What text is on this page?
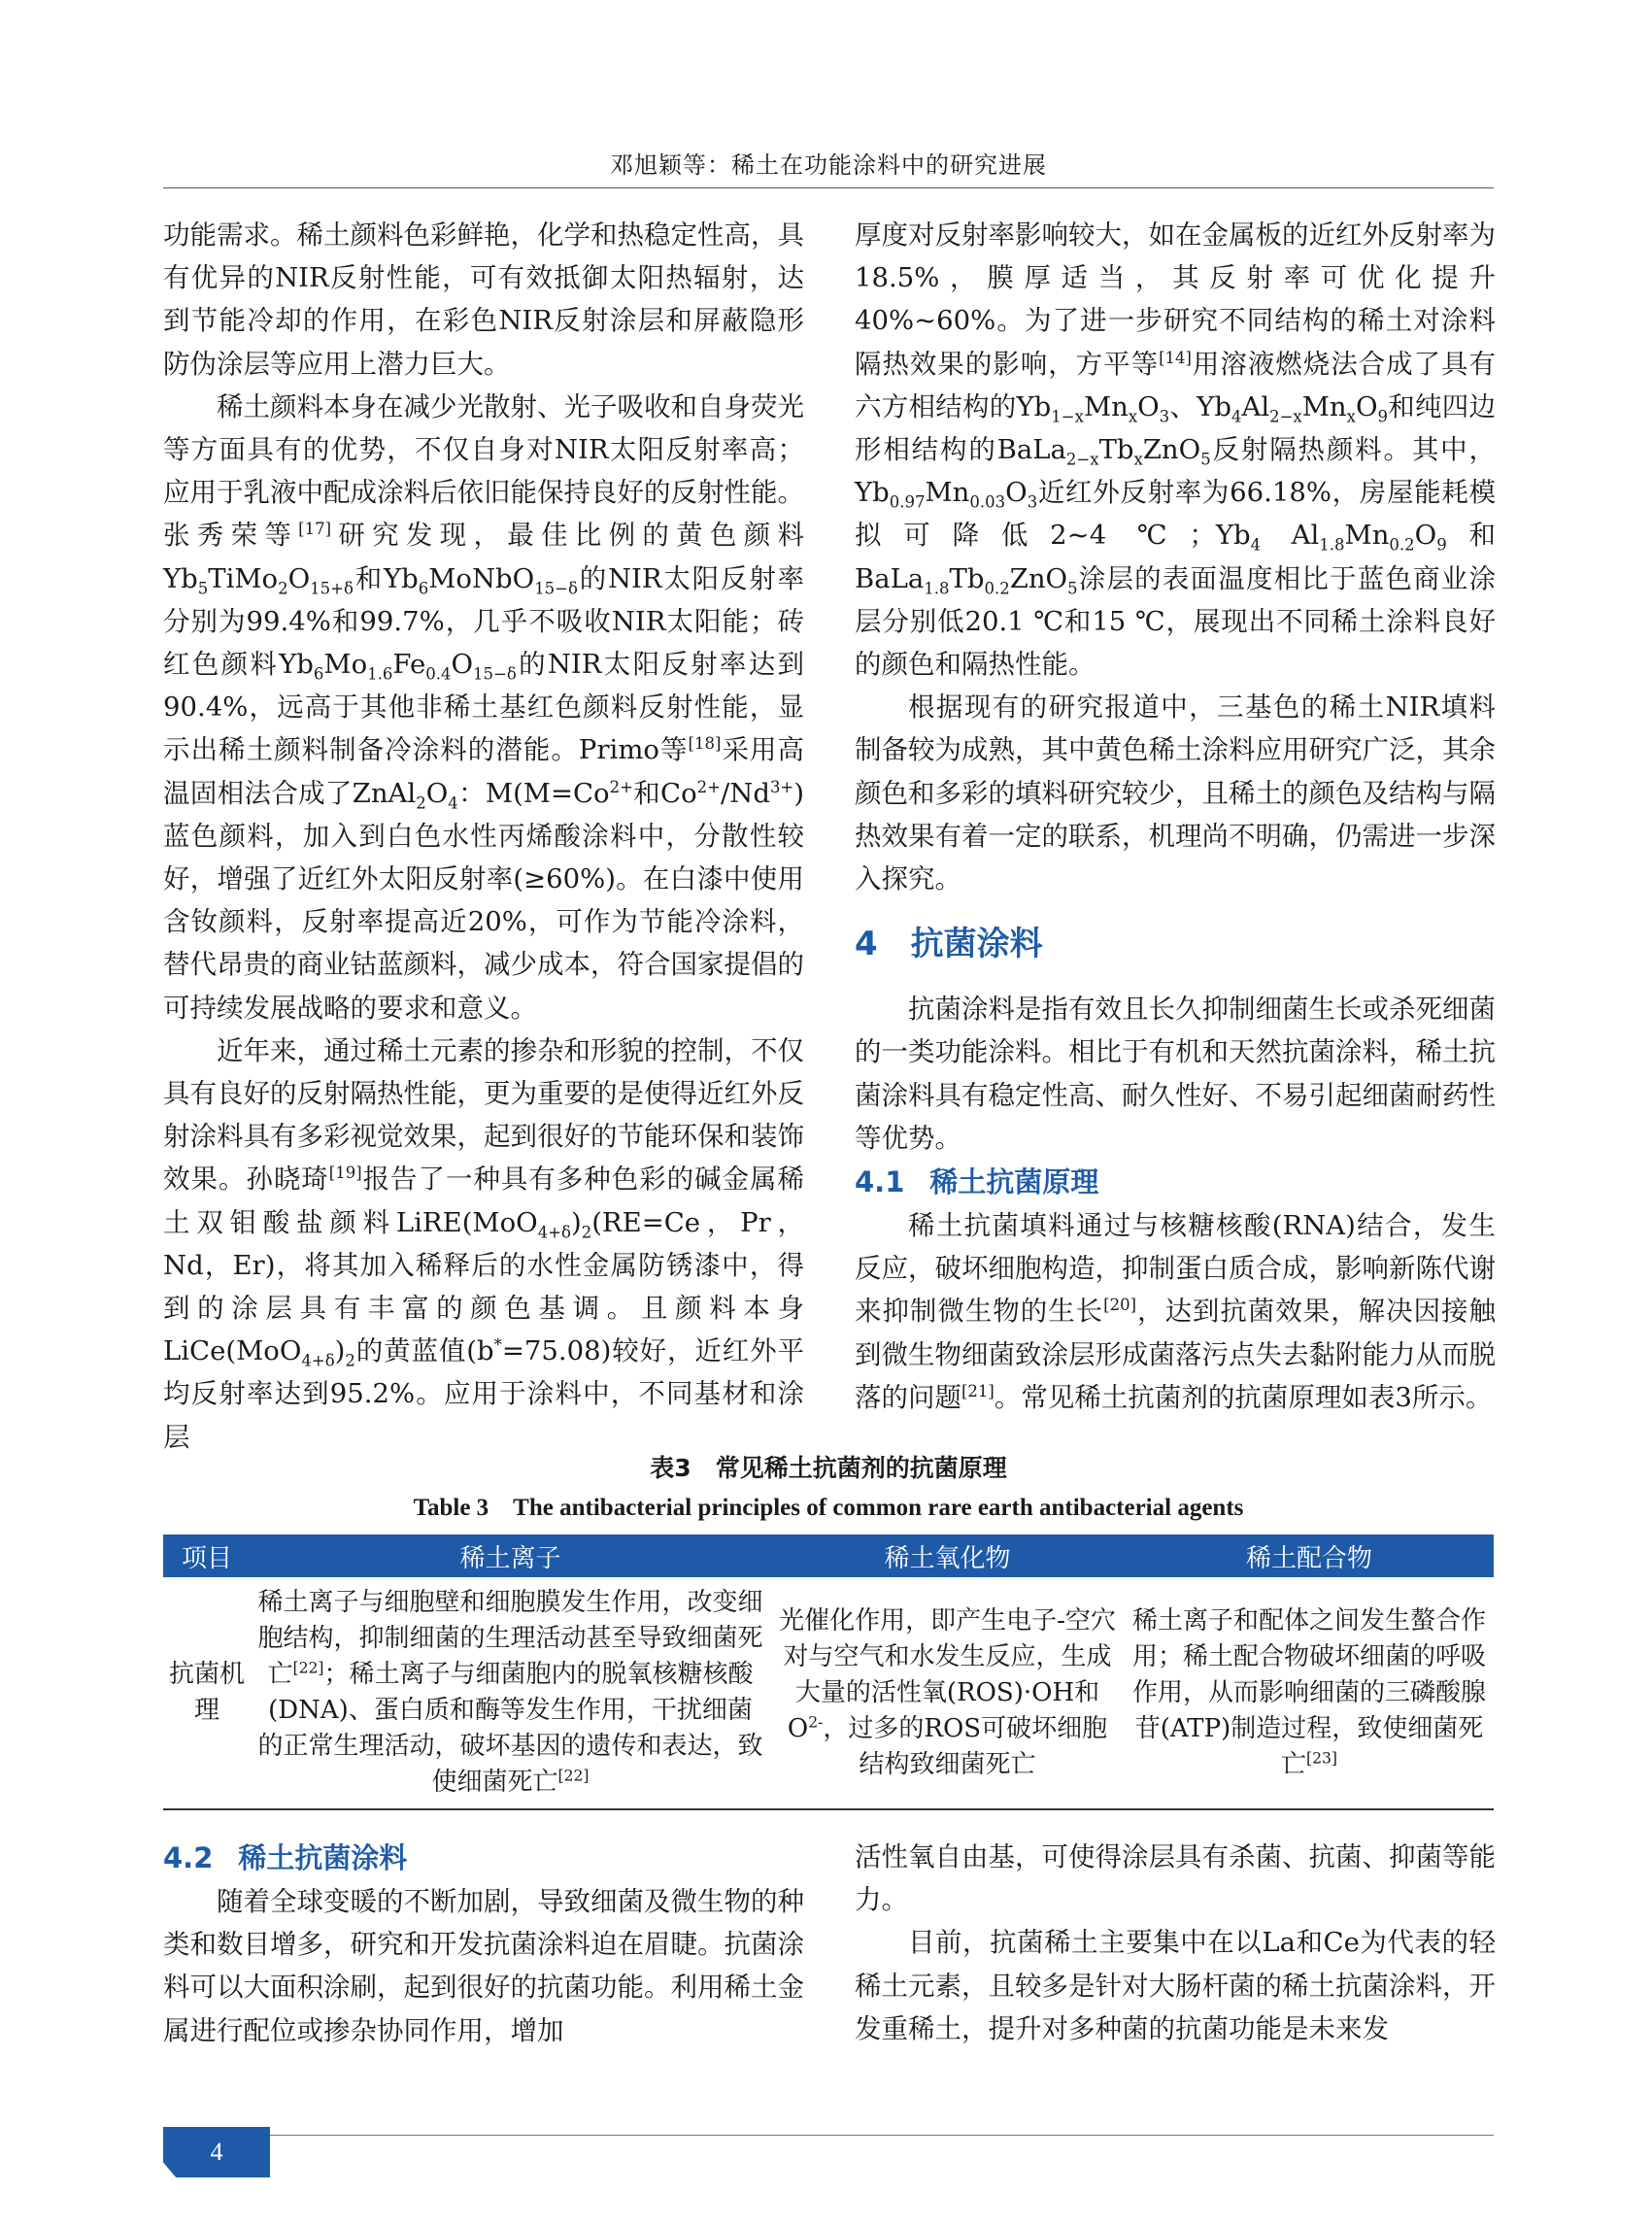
邓旭颖等：稀土在功能涂料中的研究进展

功能需求。稀土颜料色彩鲜艳，化学和热稳定性高，具有优异的NIR反射性能，可有效抵御太阳热辐射，达到节能冷却的作用，在彩色NIR反射涂层和屏蔽隐形防伪涂层等应用上潜力巨大。

稀土颜料本身在减少光散射、光子吸收和自身荧光等方面具有的优势，不仅自身对NIR太阳反射率高；应用于乳液中配成涂料后依旧能保持良好的反射性能。张秀荣等[17]研究发现，最佳比例的黄色颜料$Yb_5TiMo_2O_{15+\delta}$和$Yb_6MoNbO_{15-\delta}$的NIR太阳反射率分别为99.4%和99.7%，几乎不吸收NIR太阳能；砖红色颜料$Yb_6Mo_{1.6}Fe_{0.4}O_{15-\delta}$的NIR太阳反射率达到90.4%，远高于其他非稀土基红色颜料反射性能，显示出稀土颜料制备冷涂料的潜能。Primo等[18]采用高温固相法合成了$ZnAl_2O_4$：$M(M=Co^{2+}$和$Co^{2+}/Nd^{3+}$)蓝色颜料，加入到白色水性丙烯酸涂料中，分散性较好，增强了近红外太阳反射率(≥60%)。在白漆中使用含钕颜料，反射率提高近20%，可作为节能冷涂料，替代昂贵的商业钴蓝颜料，减少成本，符合国家提倡的可持续发展战略的要求和意义。

近年来，通过稀土元素的掺杂和形貌的控制，不仅具有良好的反射隔热性能，更为重要的是使得近红外反射涂料具有多彩视觉效果，起到很好的节能环保和装饰效果。孙晓琦[19]报告了一种具有多种色彩的碱金属稀土双钼酸盐颜料$LiRE(MoO_{4+\delta})_2(RE=Ce$，Pr，Nd，Er)，将其加入稀释后的水性金属防锈漆中，得到的涂层具有丰富的颜色基调。且颜料本身$LiCe(MoO_{4+\delta})_2$的黄蓝值(b*=75.08)较好，近红外平均反射率达到95.2%。应用于涂料中，不同基材和涂层

4.2 稀土抗菌涂料

随着全球变暖的不断加剧，导致细菌及微生物的种类和数目增多，研究和开发抗菌涂料迫在眉睫。抗菌涂料可以大面积涂刷，起到很好的抗菌功能。利用稀土金属进行配位或掺杂协同作用，增加

厚度对反射率影响较大，如在金属板的近红外反射率为18.5%，膜厚适当，其反射率可优化提升40%~60%。为了进一步研究不同结构的稀土对涂料隔热效果的影响，方平等[14]用溶液燃烧法合成了具有六方相结构的$Yb_{1-x}Mn_xO_3$、$Yb_4Al_{2-x}Mn_xO_9$和纯四边形相结构的$BaLa_{2-x}Tb_xZnO_5$反射隔热颜料。其中，$Yb_{0.97}Mn_{0.03}O_3$近红外反射率为66.18%，房屋能耗模拟可降低2~4 ℃；$Yb_4$ $Al_{1.8}Mn_{0.2}O_9$和$BaLa_{1.8}Tb_{0.2}ZnO_5$涂层的表面温度相比于蓝色商业涂层分别低20.1 ℃和15 ℃，展现出不同稀土涂料良好的颜色和隔热性能。

根据现有的研究报道中，三基色的稀土NIR填料制备较为成熟，其中黄色稀土涂料应用研究广泛，其余颜色和多彩的填料研究较少，且稀土的颜色及结构与隔热效果有着一定的联系，机理尚不明确，仍需进一步深入探究。

4 抗菌涂料

抗菌涂料是指有效且长久抑制细菌生长或杀死细菌的一类功能涂料。相比于有机和天然抗菌涂料，稀土抗菌涂料具有稳定性高、耐久性好、不易引起细菌耐药性等优势。

4.1 稀土抗菌原理

稀土抗菌填料通过与核糖核酸(RNA)结合，发生反应，破坏细胞构造，抑制蛋白质合成，影响新陈代谢来抑制微生物的生长[20]，达到抗菌效果，解决因接触到微生物细菌致涂层形成菌落污点失去黏附能力从而脱落的问题[21]。常见稀土抗菌剂的抗菌原理如表3所示。

活性氧自由基，可使得涂层具有杀菌、抗菌、抑菌等能力。

目前，抗菌稀土主要集中在以La和Ce为代表的轻稀土元素，且较多是针对大肠杆菌的稀土抗菌涂料，开发重稀土，提升对多种菌的抗菌功能是未来发

表3　常见稀土抗菌剂的抗菌原理
Table 3　The antibacterial principles of common rare earth antibacterial agents
项目	稀土离子	稀土氧化物	稀土配合物
抗菌机理	稀土离子与细胞壁和细胞膜发生作用，改变细胞结构，抑制细菌的生理活动甚至导致细菌死亡[22]；稀土离子与细菌胞内的脱氧核糖核酸(DNA)、蛋白质和酶等发生作用，干扰细菌的正常生理活动，破坏基因的遗传和表达，致使细菌死亡[22]	光催化作用，即产生电子-空穴对与空气和水发生反应，生成大量的活性氧(ROS)·OH和$O^{2-}$，过多的ROS可破坏细胞结构致细菌死亡	稀土离子和配体之间发生螯合作用；稀土配合物破坏细菌的呼吸作用，从而影响细菌的三磷酸腺苷(ATP)制造过程，致使细菌死亡[23]
4
